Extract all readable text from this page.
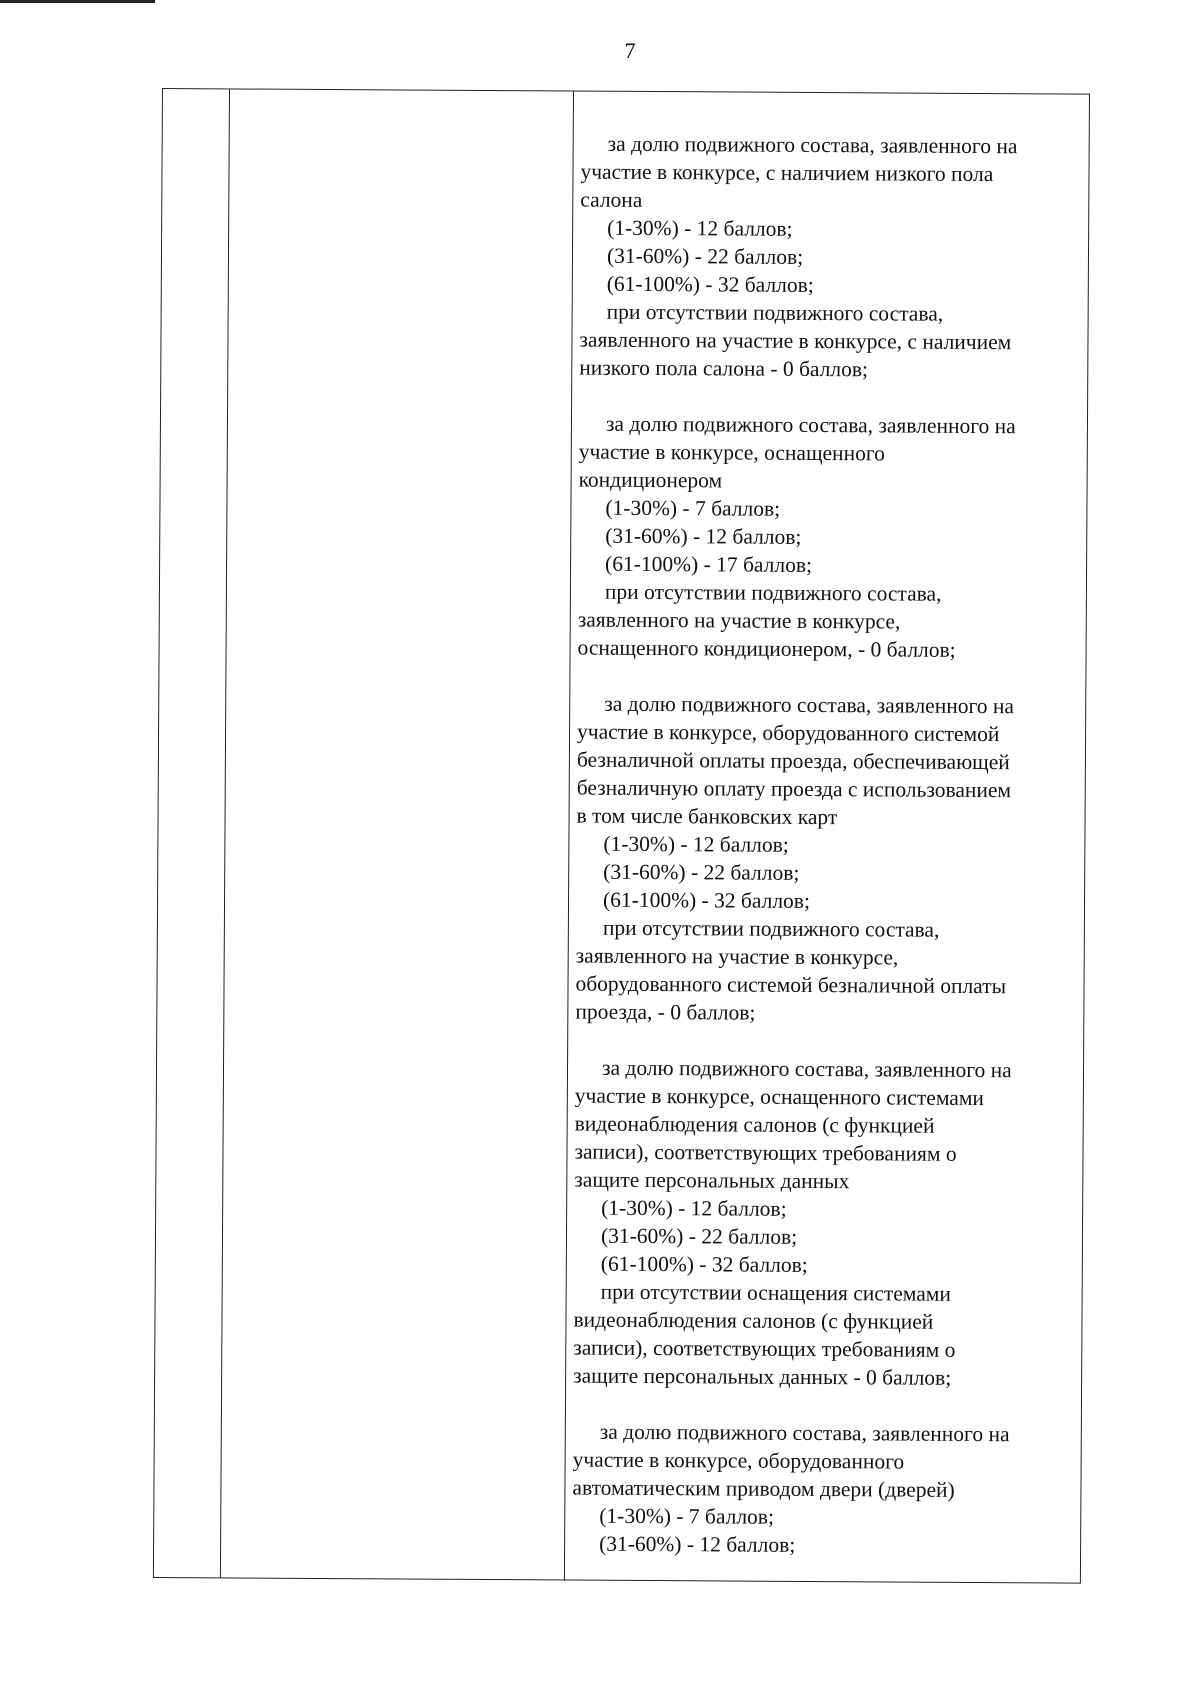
7
за долю подвижного состава, заявленного на
участие в конкурсе, с наличием низкого пола
салона
(1-30%) - 12 баллов;
(31-60%) - 22 баллов;
(61-100%) - 32 баллов;
при отсутствии подвижного состава,
заявленного на участие в конкурсе, с наличием
низкого пола салона - 0 баллов;
за долю подвижного состава, заявленного на
участие в конкурсе, оснащенного
кондиционером
(1-30%) - 7 баллов;
(31-60%) - 12 баллов;
(61-100%) - 17 баллов;
при отсутствии подвижного состава,
заявленного на участие в конкурсе,
оснащенного кондиционером, - 0 баллов;
за долю подвижного состава, заявленного на
участие в конкурсе, оборудованного системой
безналичной оплаты проезда, обеспечивающей
безналичную оплату проезда с использованием
в том числе банковских карт
(1-30%) - 12 баллов;
(31-60%) - 22 баллов;
(61-100%) - 32 баллов;
при отсутствии подвижного состава,
заявленного на участие в конкурсе,
оборудованного системой безналичной оплаты
проезда, - 0 баллов;
за долю подвижного состава, заявленного на
участие в конкурсе, оснащенного системами
видеонаблюдения салонов (с функцией
записи), соответствующих требованиям о
защите персональных данных
(1-30%) - 12 баллов;
(31-60%) - 22 баллов;
(61-100%) - 32 баллов;
при отсутствии оснащения системами
видеонаблюдения салонов (с функцией
записи), соответствующих требованиям о
защите персональных данных - 0 баллов;
за долю подвижного состава, заявленного на
участие в конкурсе, оборудованного
автоматическим приводом двери (дверей)
(1-30%) - 7 баллов;
(31-60%) - 12 баллов;
